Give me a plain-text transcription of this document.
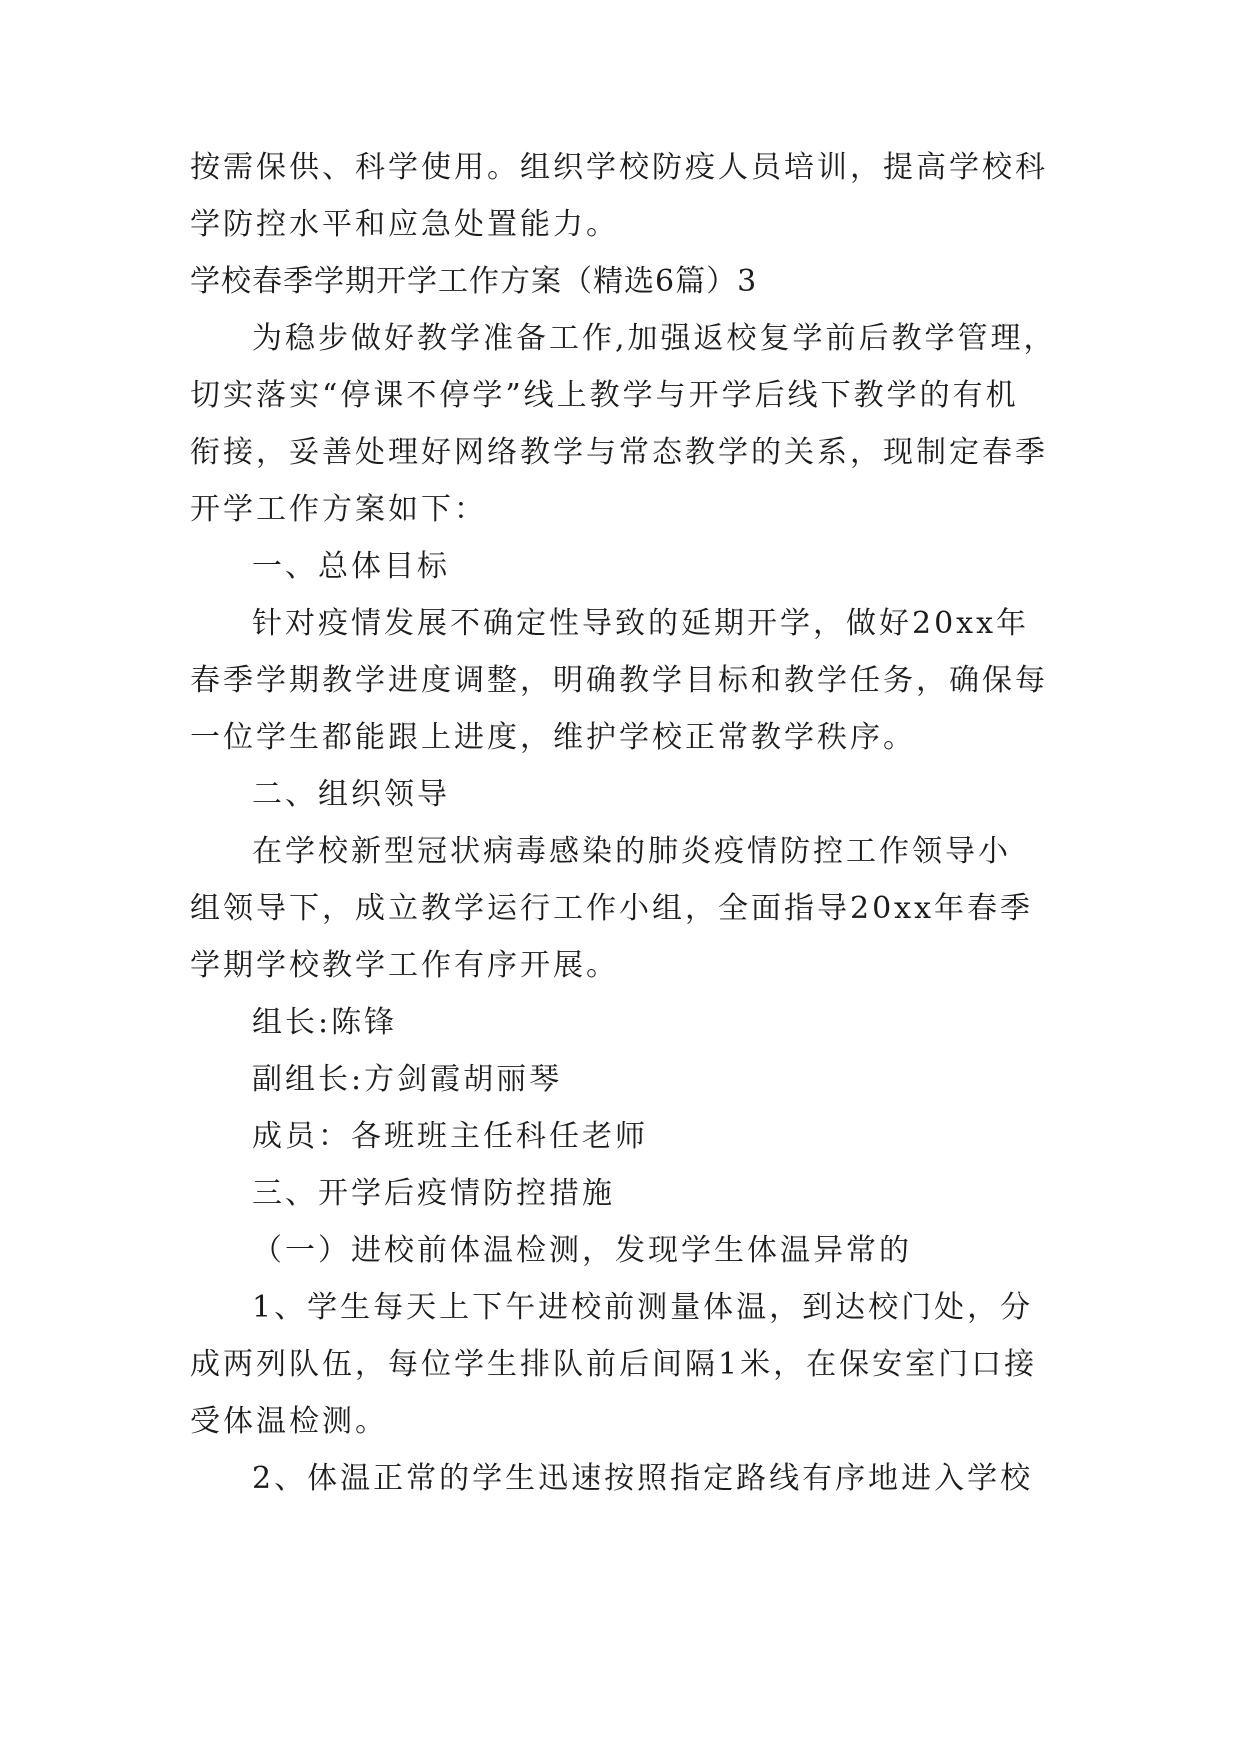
按需保供、科学使用。组织学校防疫人员培训，提高学校科
学防控水平和应急处置能力。
学校春季学期开学工作方案（精选6篇）3
为稳步做好教学准备工作,加强返校复学前后教学管理，
切实落实“停课不停学”线上教学与开学后线下教学的有机
衔接，妥善处理好网络教学与常态教学的关系，现制定春季
开学工作方案如下：
一、总体目标
针对疫情发展不确定性导致的延期开学，做好20xx年
春季学期教学进度调整，明确教学目标和教学任务，确保每
一位学生都能跟上进度，维护学校正常教学秩序。
二、组织领导
在学校新型冠状病毒感染的肺炎疫情防控工作领导小
组领导下，成立教学运行工作小组，全面指导20xx年春季
学期学校教学工作有序开展。
组长:陈锋
副组长:方剑霞胡丽琴
成员：各班班主任科任老师
三、开学后疫情防控措施
（一）进校前体温检测，发现学生体温异常的
1、学生每天上下午进校前测量体温，到达校门处，分
成两列队伍，每位学生排队前后间隔1米，在保安室门口接
受体温检测。
2、体温正常的学生迅速按照指定路线有序地进入学校
